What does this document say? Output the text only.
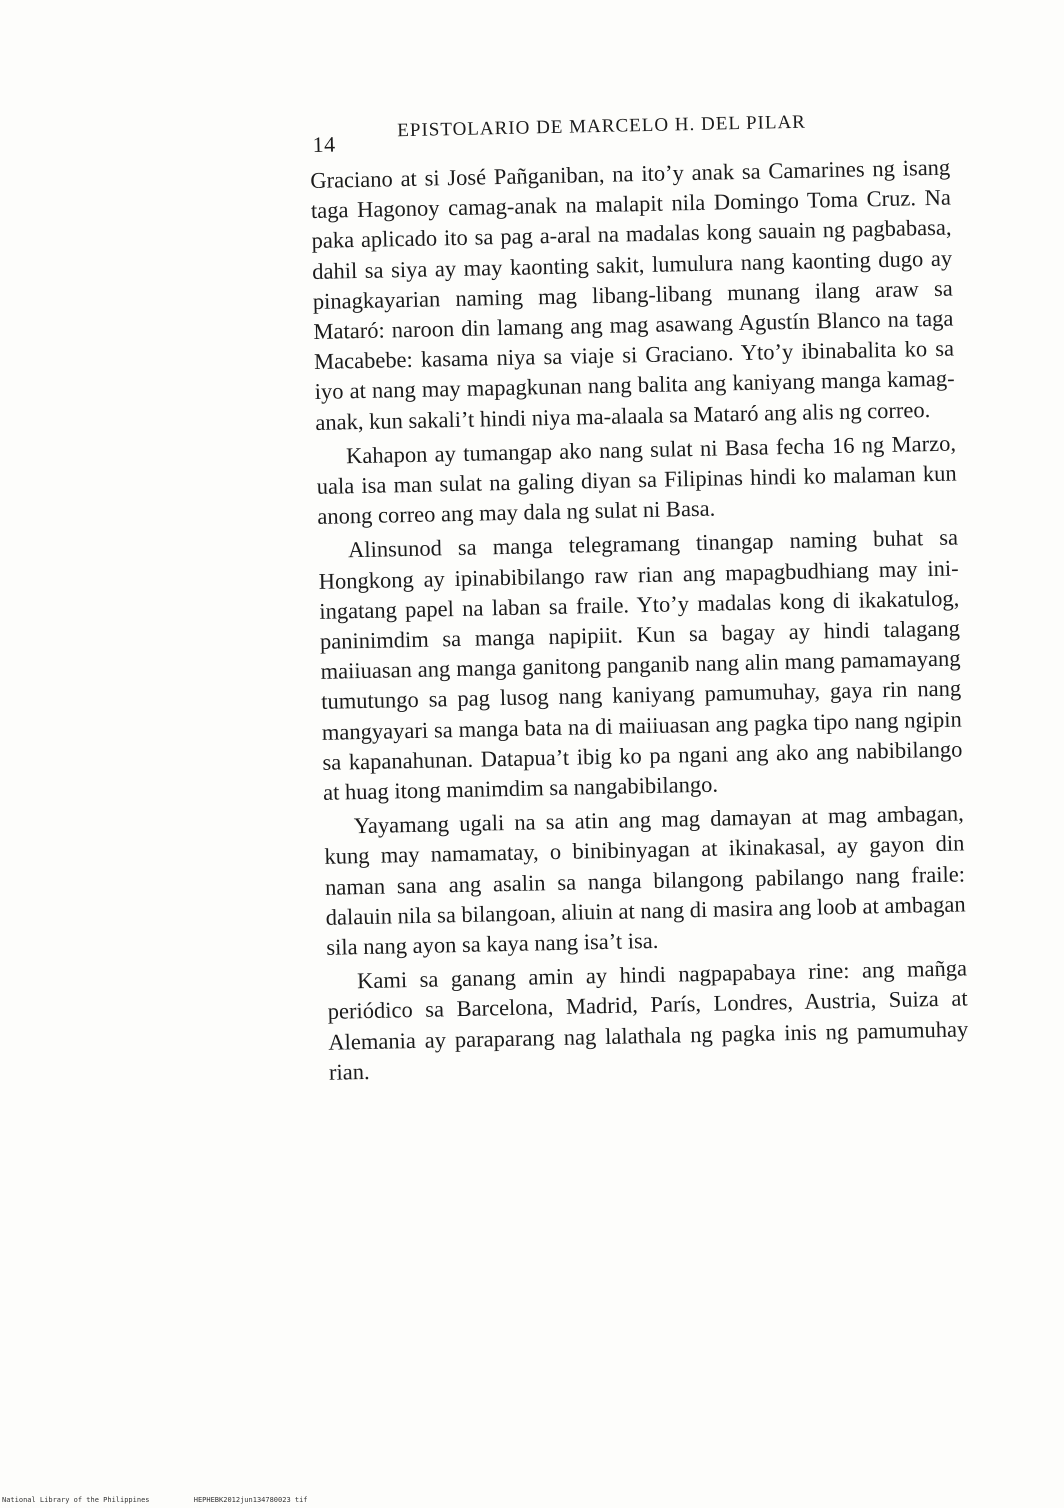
14
EPISTOLARIO DE MARCELO H. DEL PILAR

Graciano at si José Pañganiban, na ito’y anak sa Camarines ng isang taga Hagonoy camag-anak na malapit nila Domingo Toma Cruz. Na paka aplicado ito sa pag a-aral na madalas kong sauain ng pagbabasa, dahil sa siya ay may kaonting sakit, lumulura nang kaonting dugo ay pinagkayarian naming mag libang-libang munang ilang araw sa Mataró: naroon din lamang ang mag asawang Agustín Blanco na taga Macabebe: kasama niya sa viaje si Graciano. Yto’y ibinabalita ko sa iyo at nang may mapagkunan nang balita ang kaniyang manga kamag-anak, kun sakali’t hindi niya ma-alaala sa Mataró ang alis ng correo.

Kahapon ay tumangap ako nang sulat ni Basa fecha 16 ng Marzo, uala isa man sulat na galing diyan sa Filipinas hindi ko malaman kun anong correo ang may dala ng sulat ni Basa.

Alinsunod sa manga telegramang tinangap naming buhat sa Hongkong ay ipinabibilango raw rian ang mapagbudhiang may ini-ingatang papel na laban sa fraile. Yto’y madalas kong di ikakatulog, paninimdim sa manga napipiit. Kun sa bagay ay hindi talagang maiiuasan ang manga ganitong panganib nang alin mang pamamayang tumutungo sa pag lusog nang kaniyang pamumuhay, gaya rin nang mangyayari sa manga bata na di maiiuasan ang pagka tipo nang ngipin sa kapanahunan. Datapua’t ibig ko pa ngani ang ako ang nabibilango at huag itong manimdim sa nangabibilango.

Yayamang ugali na sa atin ang mag damayan at mag ambagan, kung may namamatay, o binibinyagan at ikinakasal, ay gayon din naman sana ang asalin sa nanga bilangong pabilango nang fraile: dalauin nila sa bilangoan, aliuin at nang di masira ang loob at ambagan sila nang ayon sa kaya nang isa’t isa.

Kami sa ganang amin ay hindi nagpapabaya rine: ang mañga periódico sa Barcelona, Madrid, París, Londres, Austria, Suiza at Alemania ay paraparang nag lalathala ng pagka inis ng pamumuhay rian.

National Library of the Philippines	HEPHEBK2012jun134780023 tif
